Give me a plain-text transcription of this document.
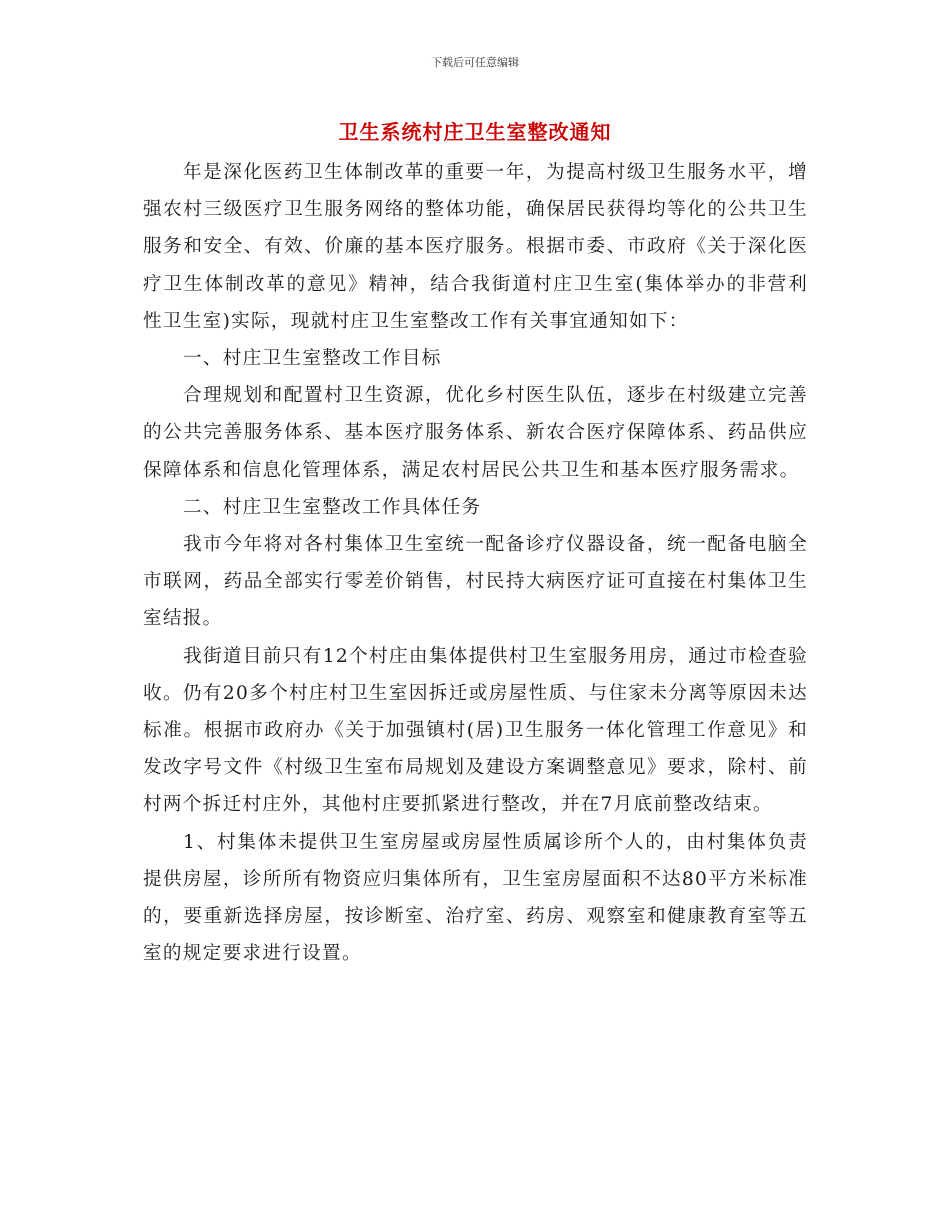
下载后可任意编辑
卫生系统村庄卫生室整改通知

年是深化医药卫生体制改革的重要一年，为提高村级卫生服务水平，增强农村三级医疗卫生服务网络的整体功能，确保居民获得均等化的公共卫生服务和安全、有效、价廉的基本医疗服务。根据市委、市政府《关于深化医疗卫生体制改革的意见》精神，结合我街道村庄卫生室(集体举办的非营利性卫生室)实际，现就村庄卫生室整改工作有关事宜通知如下：

一、村庄卫生室整改工作目标

合理规划和配置村卫生资源，优化乡村医生队伍，逐步在村级建立完善的公共完善服务体系、基本医疗服务体系、新农合医疗保障体系、药品供应保障体系和信息化管理体系，满足农村居民公共卫生和基本医疗服务需求。

二、村庄卫生室整改工作具体任务

我市今年将对各村集体卫生室统一配备诊疗仪器设备，统一配备电脑全市联网，药品全部实行零差价销售，村民持大病医疗证可直接在村集体卫生室结报。

我街道目前只有12个村庄由集体提供村卫生室服务用房，通过市检查验收。仍有20多个村庄村卫生室因拆迁或房屋性质、与住家未分离等原因未达标准。根据市政府办《关于加强镇村(居)卫生服务一体化管理工作意见》和发改字号文件《村级卫生室布局规划及建设方案调整意见》要求，除村、前村两个拆迁村庄外，其他村庄要抓紧进行整改，并在7月底前整改结束。

1、村集体未提供卫生室房屋或房屋性质属诊所个人的，由村集体负责提供房屋，诊所所有物资应归集体所有，卫生室房屋面积不达80平方米标准的，要重新选择房屋，按诊断室、治疗室、药房、观察室和健康教育室等五室的规定要求进行设置。
